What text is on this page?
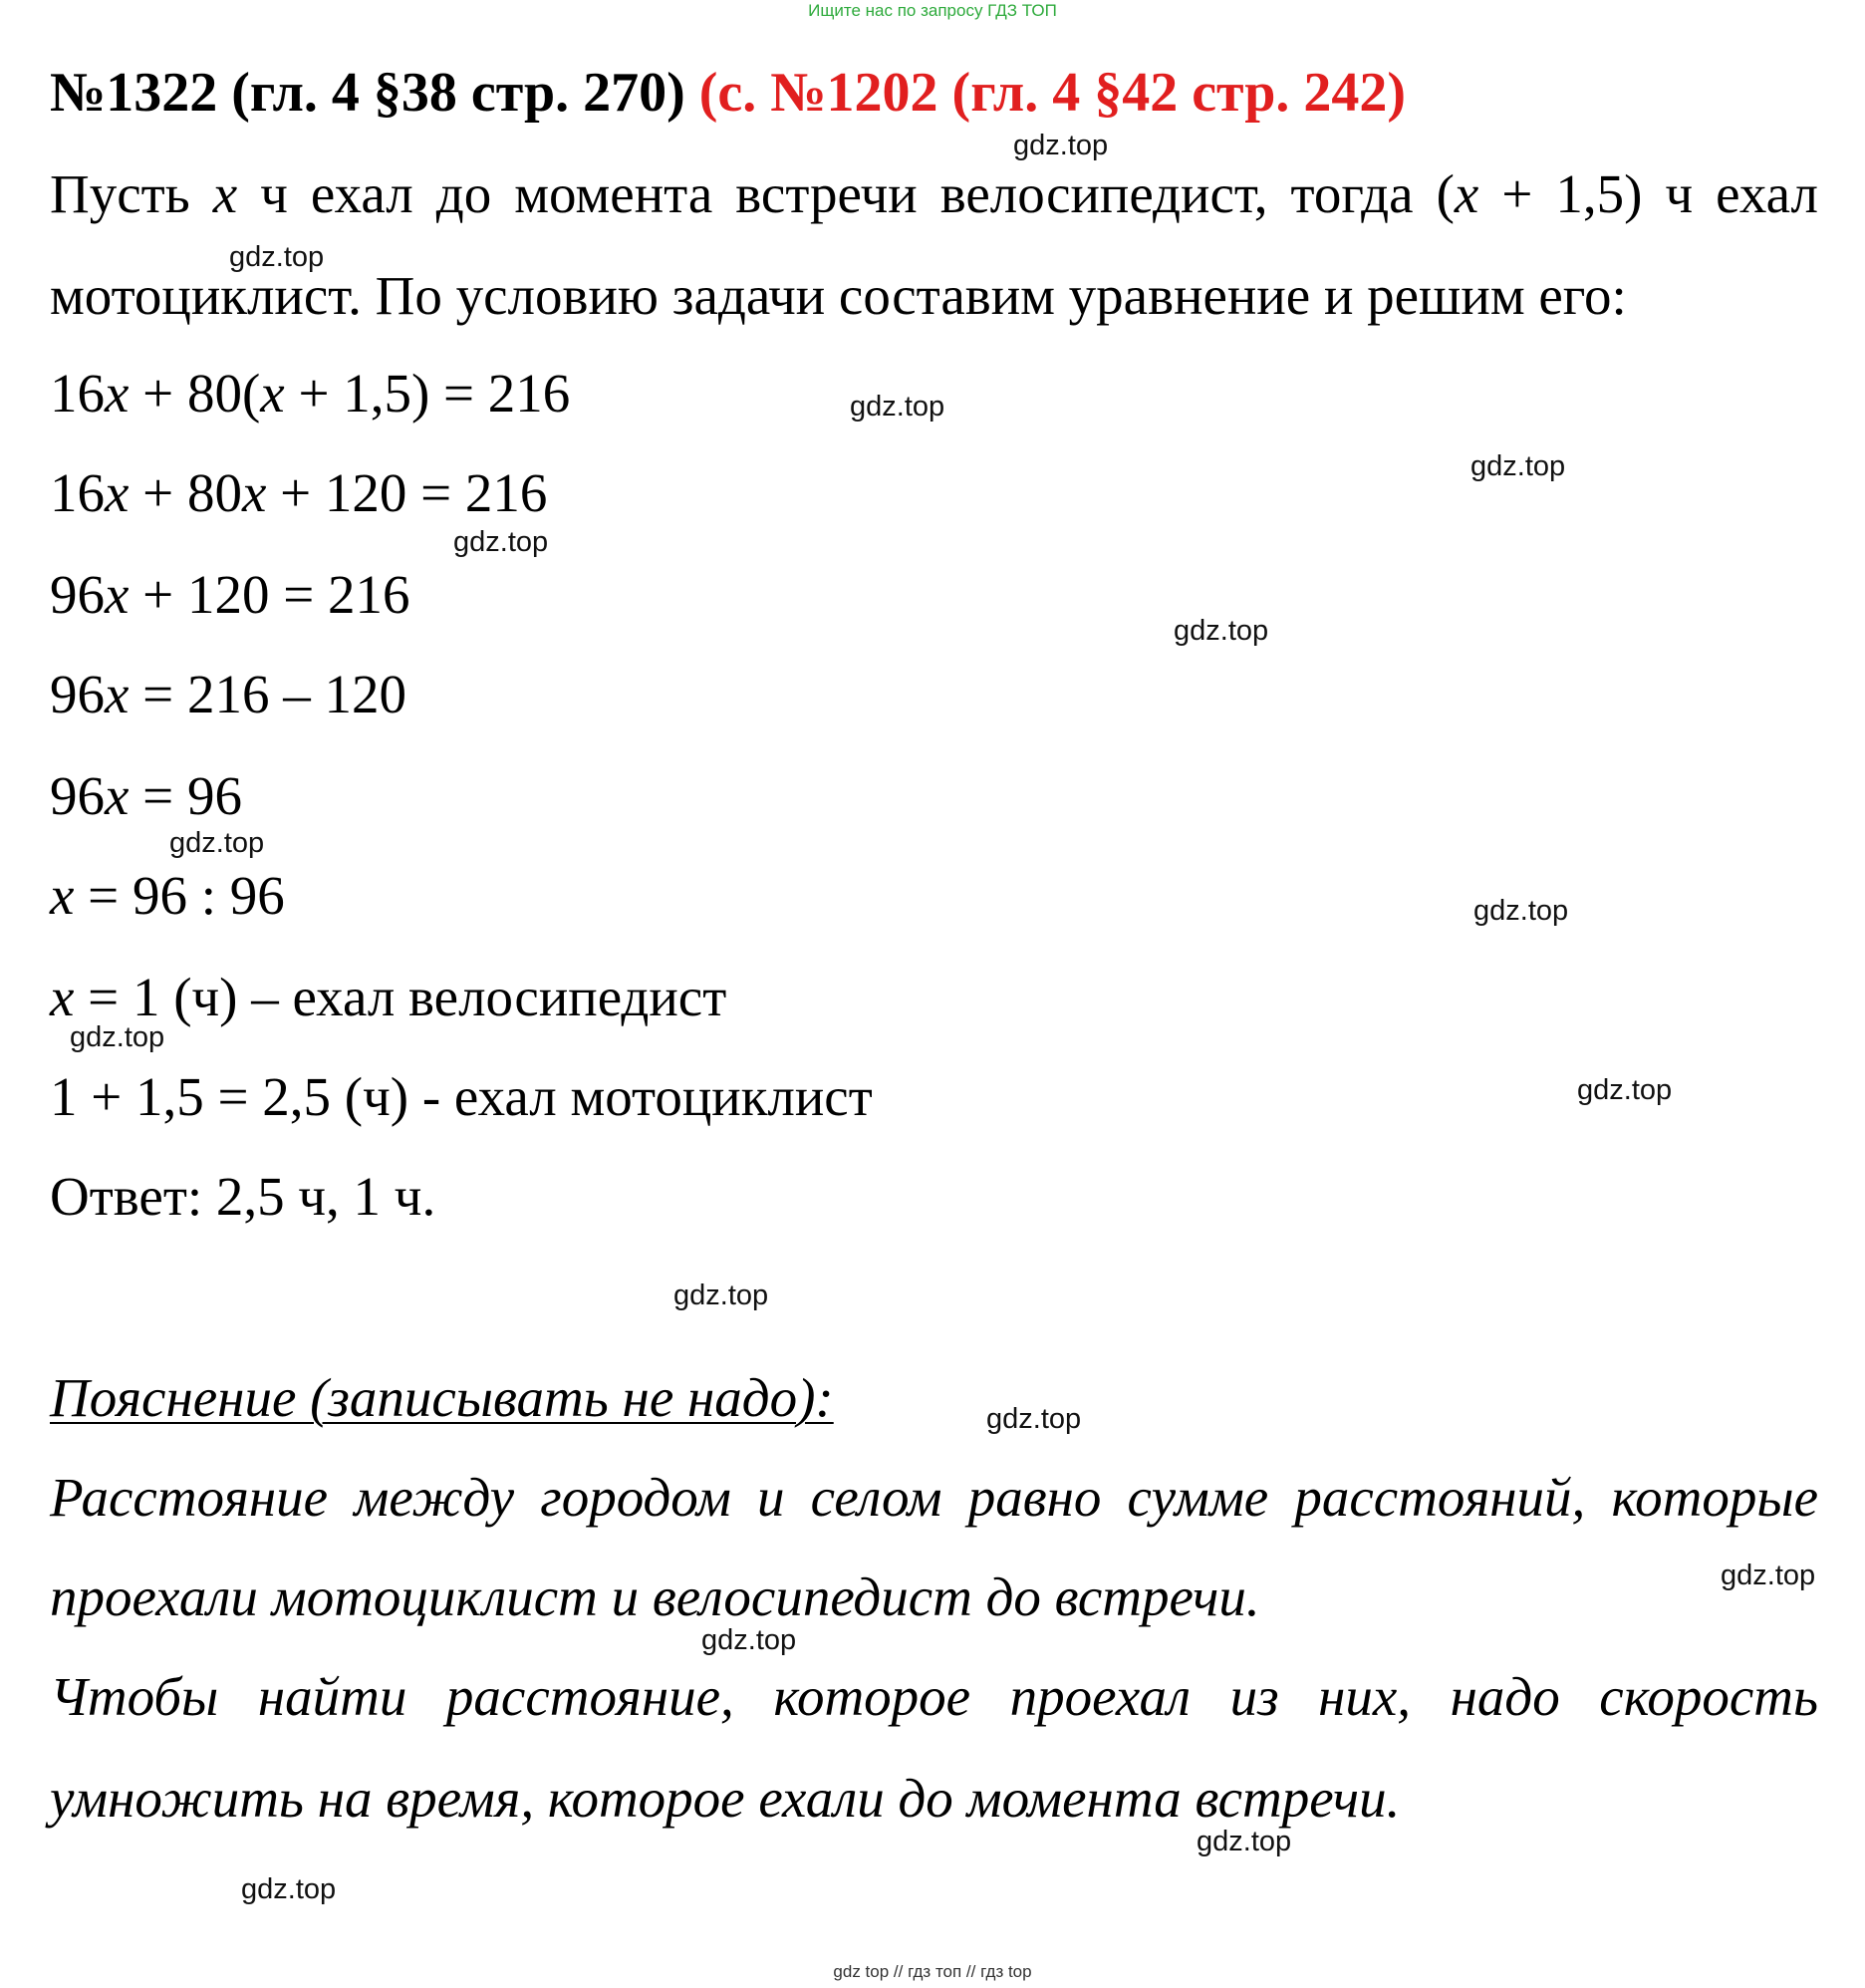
Ищите нас по запросу ГДЗ ТОП
№1322 (гл. 4 §38 стр. 270) (с. №1202 (гл. 4 §42 стр. 242)
Пусть x ч ехал до момента встречи велосипедист, тогда (x + 1,5) ч ехал
мотоциклист. По условию задачи составим уравнение и решим его:
16x + 80(x + 1,5) = 216
16x + 80x + 120 = 216
96x + 120 = 216
96x = 216 – 120
96x = 96
x = 96 : 96
x = 1 (ч) – ехал велосипедист
1 + 1,5 = 2,5 (ч) - ехал мотоциклист
Ответ: 2,5 ч, 1 ч.
Пояснение (записывать не надо):
Расстояние между городом и селом равно сумме расстояний, которые
проехали мотоциклист и велосипедист до встречи.
Чтобы найти расстояние, которое проехал из них, надо скорость
умножить на время, которое ехали до момента встречи.
gdz.top
gdz.top
gdz.top
gdz.top
gdz.top
gdz.top
gdz.top
gdz.top
gdz.top
gdz.top
gdz.top
gdz.top
gdz.top
gdz.top
gdz.top
gdz.top
gdz top // гдз топ // гдз top
